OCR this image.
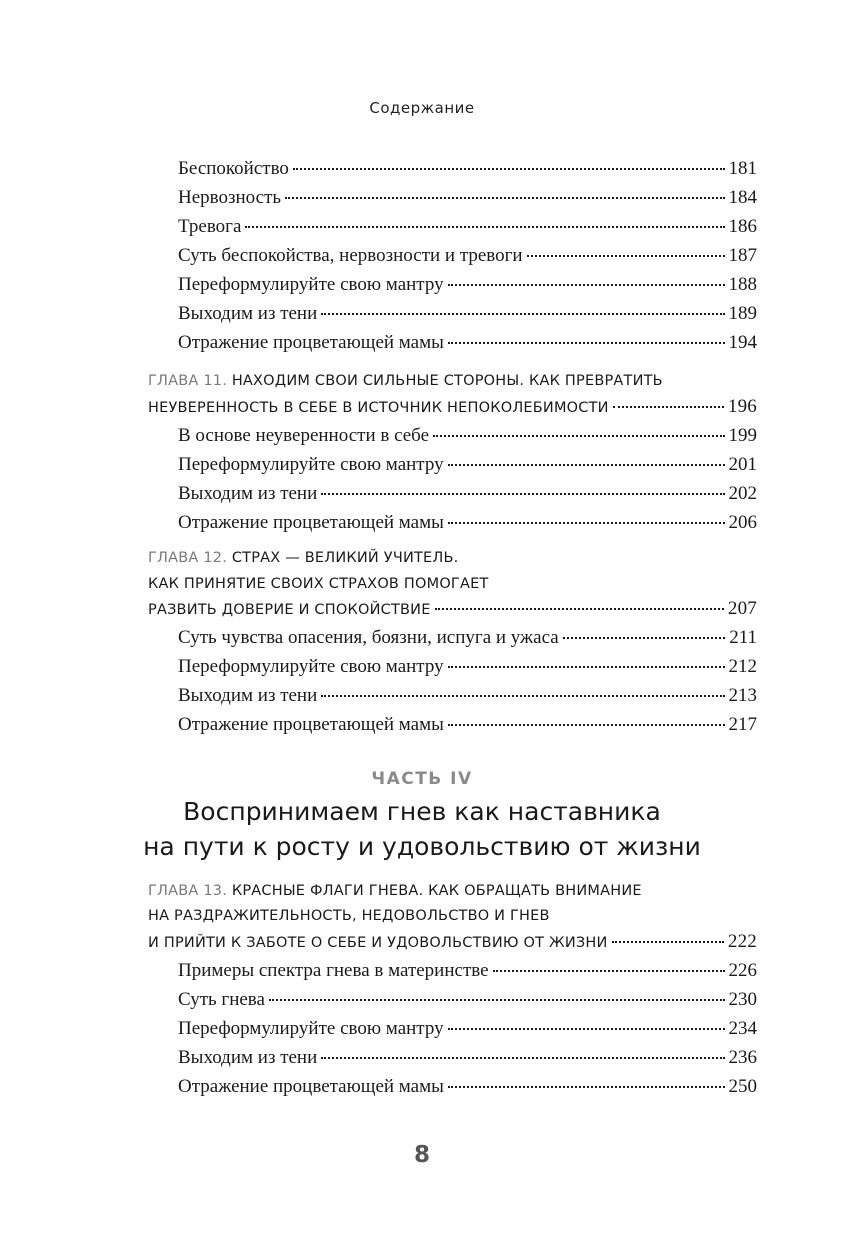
Содержание
Беспокойство	181
Нервозность	184
Тревога	186
Суть беспокойства, нервозности и тревоги	187
Переформулируйте свою мантру	188
Выходим из тени	189
Отражение процветающей мамы	194
ГЛАВА 11. НАХОДИМ СВОИ СИЛЬНЫЕ СТОРОНЫ. КАК ПРЕВРАТИТЬ
НЕУВЕРЕННОСТЬ В СЕБЕ В ИСТОЧНИК НЕПОКОЛЕБИМОСТИ	196
В основе неуверенности в себе	199
Переформулируйте свою мантру	201
Выходим из тени	202
Отражение процветающей мамы	206
ГЛАВА 12. СТРАХ — ВЕЛИКИЙ УЧИТЕЛЬ.
КАК ПРИНЯТИЕ СВОИХ СТРАХОВ ПОМОГАЕТ
РАЗВИТЬ ДОВЕРИЕ И СПОКОЙСТВИЕ	207
Суть чувства опасения, боязни, испуга и ужаса	211
Переформулируйте свою мантру	212
Выходим из тени	213
Отражение процветающей мамы	217
ЧАСТЬ IV
Воспринимаем гнев как наставника
на пути к росту и удовольствию от жизни
ГЛАВА 13. КРАСНЫЕ ФЛАГИ ГНЕВА. КАК ОБРАЩАТЬ ВНИМАНИЕ
НА РАЗДРАЖИТЕЛЬНОСТЬ, НЕДОВОЛЬСТВО И ГНЕВ
И ПРИЙТИ К ЗАБОТЕ О СЕБЕ И УДОВОЛЬСТВИЮ ОТ ЖИЗНИ	222
Примеры спектра гнева в материнстве	226
Суть гнева	230
Переформулируйте свою мантру	234
Выходим из тени	236
Отражение процветающей мамы	250
8
